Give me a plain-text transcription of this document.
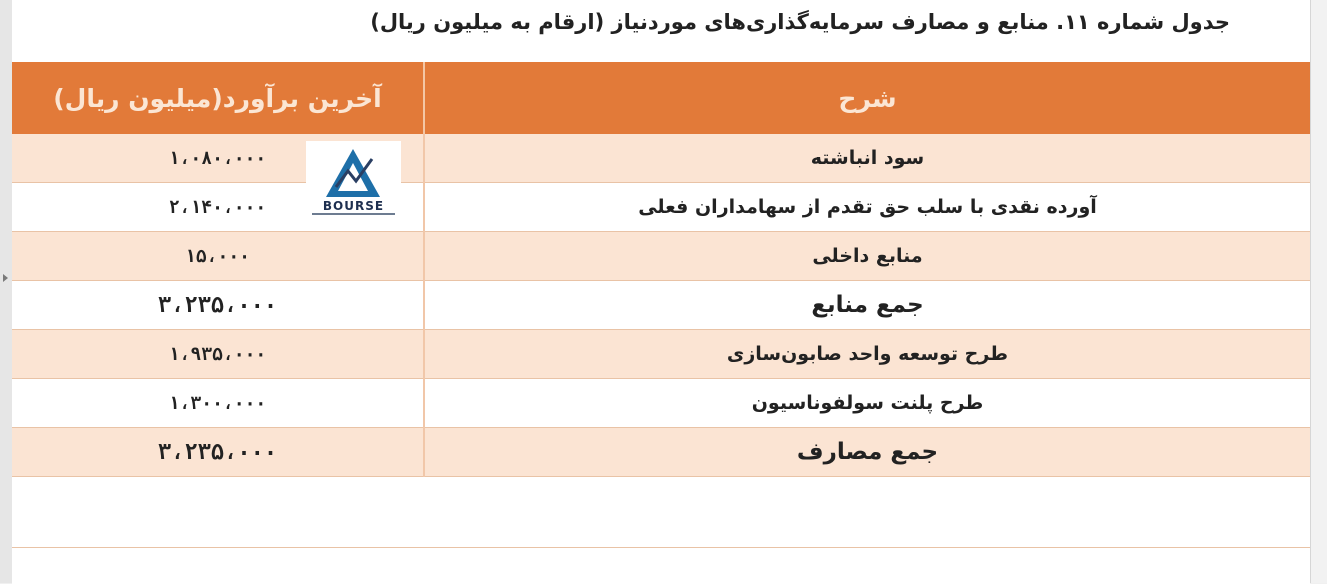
جدول شماره ۱۱. منابع و مصارف سرمایه‌گذاری‌های موردنیاز (ارقام به میلیون ریال)
آخرین برآورد(میلیون ریال)	شرح
۱،۰۸۰،۰۰۰	سود انباشته
۲،۱۴۰،۰۰۰	آورده نقدی با سلب حق تقدم از سهامداران فعلی
۱۵،۰۰۰	منابع داخلی
۳،۲۳۵،۰۰۰	جمع منابع
۱،۹۳۵،۰۰۰	طرح توسعه واحد صابون‌سازی
۱،۳۰۰،۰۰۰	طرح پلنت سولفوناسیون
۳،۲۳۵،۰۰۰	جمع مصارف
BOURSE
